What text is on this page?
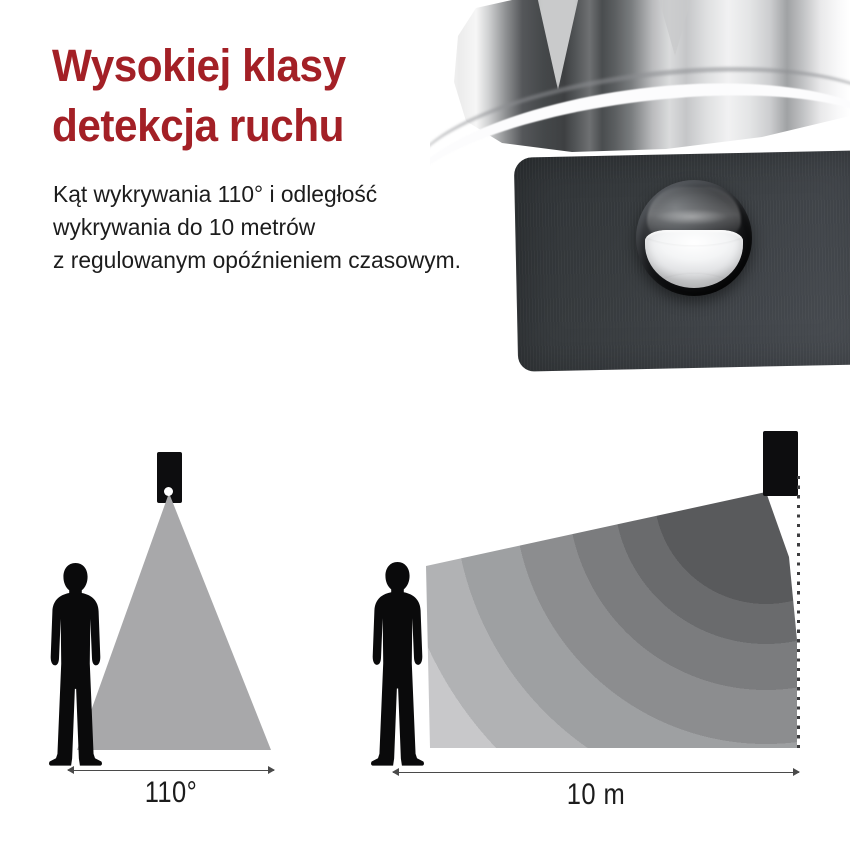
110°	10 m
Wysokiej klasy
detekcja ruchu

Kąt wykrywania 110° i odległość
wykrywania do 10 metrów
z regulowanym opóźnieniem czasowym.
